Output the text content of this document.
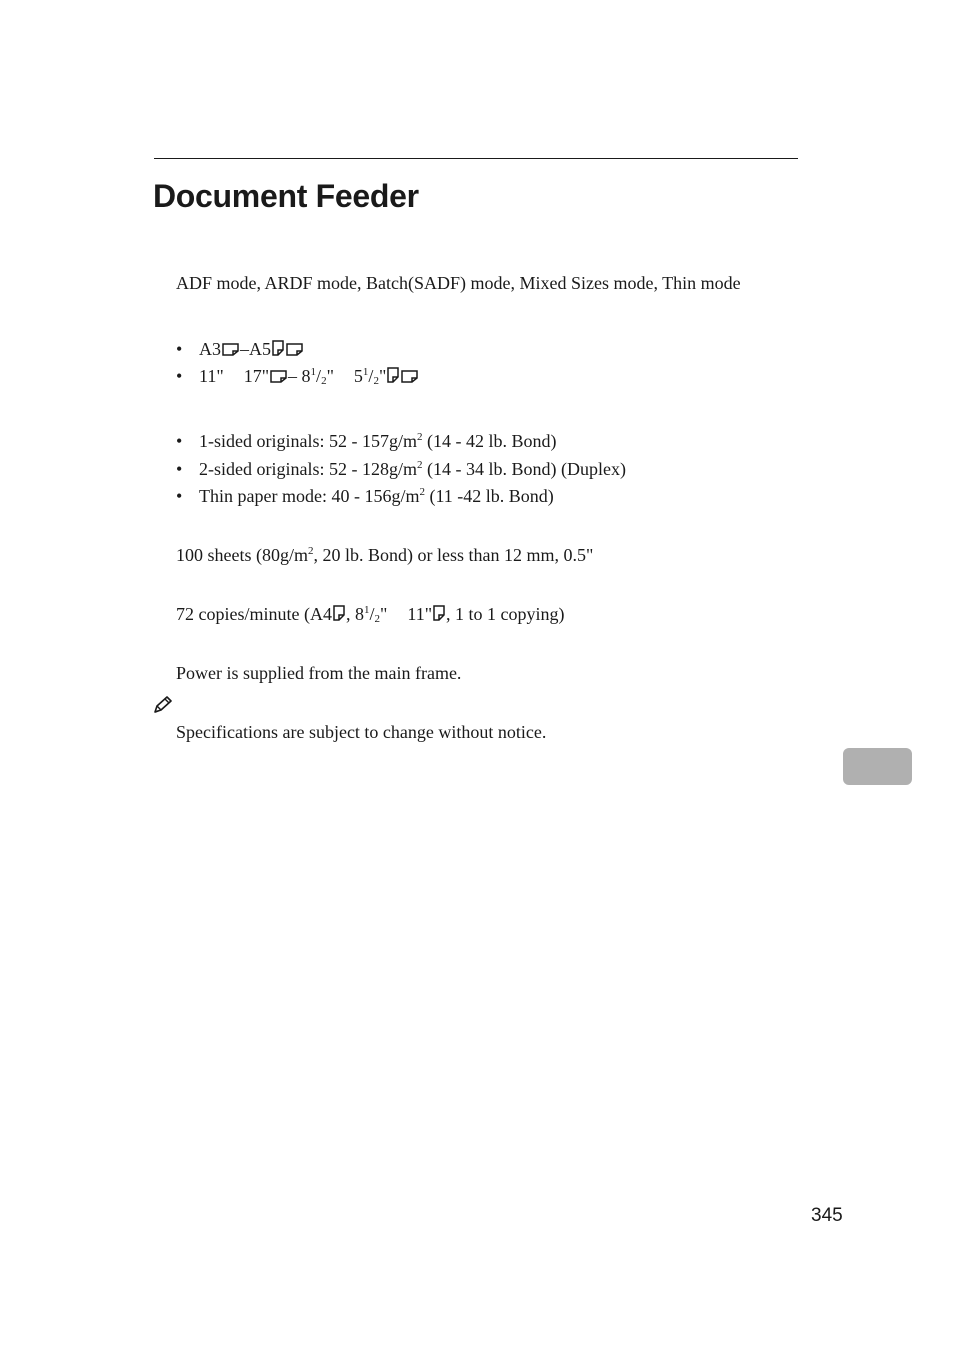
Document Feeder
ADF mode, ARDF mode, Batch(SADF) mode, Mixed Sizes mode, Thin mode
• A3 –A5
• 11" 17" – $8^1/_2$" $5^1/_2$"
• 1-sided originals: $52 - 157g/m^2$ (14 - 42 lb. Bond)
• 2-sided originals: $52 - 128g/m^2$ (14 - 34 lb. Bond) (Duplex)
• Thin paper mode: $40 - 156g/m^2$ (11 -42 lb. Bond)
100 sheets ($80g/m^2$, 20 lb. Bond) or less than 12 mm, 0.5"
72 copies/minute (A4 , $8^1/_2$" 11" , 1 to 1 copying)
Power is supplied from the main frame.
Specifications are subject to change without notice.
345
